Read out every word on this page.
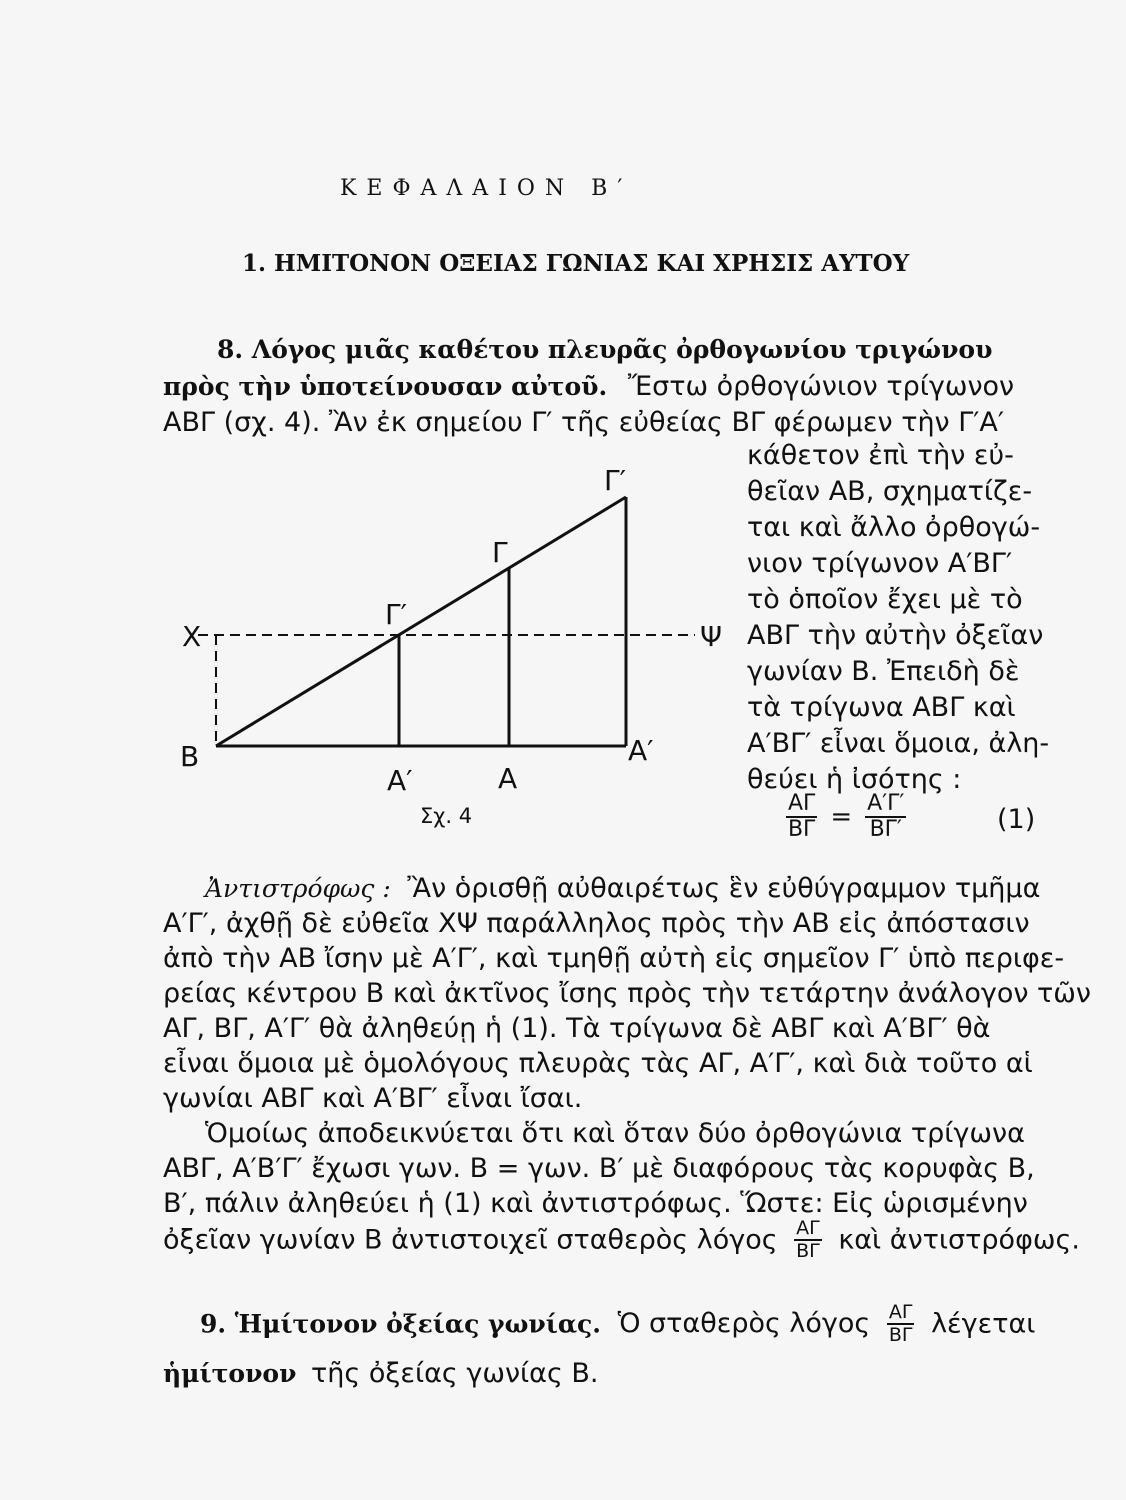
ΚΕΦΑΛΑΙΟΝ Β′
1. ΗΜΙΤΟΝΟΝ ΟΞΕΙΑΣ ΓΩΝΙΑΣ ΚΑΙ ΧΡΗΣΙΣ ΑΥΤΟΥ
8. Λόγος μιᾶς καθέτου πλευρᾶς ὀρθογωνίου τριγώνου
πρὸς τὴν ὑποτείνουσαν αὐτοῦ. Ἔστω ὀρθογώνιον τρίγωνον
ΑΒΓ (σχ. 4). Ἂν ἐκ σημείου Γ′ τῆς εὐθείας ΒΓ φέρωμεν τὴν Γ′Α′
κάθετον ἐπὶ τὴν εὐ-
θεῖαν ΑΒ, σχηματίζε-
ται καὶ ἄλλο ὀρθογώ-
νιον τρίγωνον Α′ΒΓ′
τὸ ὁποῖον ἔχει μὲ τὸ
ΑΒΓ τὴν αὐτὴν ὀξεῖαν
γωνίαν Β. Ἐπειδὴ δὲ
τὰ τρίγωνα ΑΒΓ καὶ
Α′ΒΓ′ εἶναι ὅμοια, ἀλη-
θεύει ἡ ἰσότης :
$\frac{A\Gamma}{B\Gamma} = \frac{A'\Gamma'}{B\Gamma'}$	(1)
Χ	Ψ
Β
Α′	Α
Α′
Γ
Γ′
Γ′
Σχ. 4
Ἀντιστρόφως : Ἂν ὁρισθῇ αὐθαιρέτως ἓν εὐθύγραμμον τμῆμα
Α′Γ′, ἀχθῇ δὲ εὐθεῖα ΧΨ παράλληλος πρὸς τὴν ΑΒ εἰς ἀπόστασιν
ἀπὸ τὴν ΑΒ ἴσην μὲ Α′Γ′, καὶ τμηθῇ αὐτὴ εἰς σημεῖον Γ′ ὑπὸ περιφε-
ρείας κέντρου Β καὶ ἀκτῖνος ἴσης πρὸς τὴν τετάρτην ἀνάλογον τῶν
ΑΓ, ΒΓ, Α′Γ′ θὰ ἀληθεύῃ ἡ (1). Τὰ τρίγωνα δὲ ΑΒΓ καὶ Α′ΒΓ′ θὰ
εἶναι ὅμοια μὲ ὁμολόγους πλευρὰς τὰς ΑΓ, Α′Γ′, καὶ διὰ τοῦτο αἱ
γωνίαι ΑΒΓ καὶ Α′ΒΓ′ εἶναι ἴσαι.
Ὁμοίως ἀποδεικνύεται ὅτι καὶ ὅταν δύο ὀρθογώνια τρίγωνα
ΑΒΓ, Α′Β′Γ′ ἔχωσι γων. Β = γων. Β′ μὲ διαφόρους τὰς κορυφὰς Β,
Β′, πάλιν ἀληθεύει ἡ (1) καὶ ἀντιστρόφως. Ὥστε: Εἰς ὡρισμένην
ὀξεῖαν γωνίαν Β ἀντιστοιχεῖ σταθερὸς λόγος $\frac{A\Gamma}{B\Gamma}$ καὶ ἀντιστρόφως.
9. Ἡμίτονον ὀξείας γωνίας. Ὁ σταθερὸς λόγος $\frac{A\Gamma}{B\Gamma}$ λέγεται
ἡμίτονον τῆς ὀξείας γωνίας Β.
